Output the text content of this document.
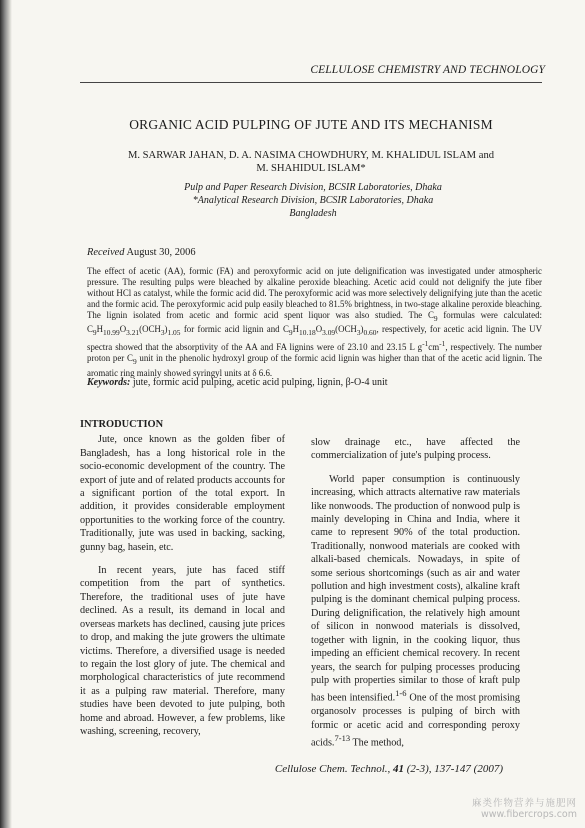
CELLULOSE CHEMISTRY AND TECHNOLOGY
ORGANIC ACID PULPING OF JUTE AND ITS MECHANISM
M. SARWAR JAHAN, D. A. NASIMA CHOWDHURY, M. KHALIDUL ISLAM and
M. SHAHIDUL ISLAM*
Pulp and Paper Research Division, BCSIR Laboratories, Dhaka
*Analytical Research Division, BCSIR Laboratories, Dhaka
Bangladesh
Received August 30, 2006
The effect of acetic (AA), formic (FA) and peroxyformic acid on jute delignification was investigated under atmospheric pressure. The resulting pulps were bleached by alkaline peroxide bleaching. Acetic acid could not delignify the jute fiber without HCl as catalyst, while the formic acid did. The peroxyformic acid was more selectively delignifying jute than the acetic and the formic acid. The peroxyformic acid pulp easily bleached to 81.5% brightness, in two-stage alkaline peroxide bleaching. The lignin isolated from acetic and formic acid spent liquor was also studied. The $C_9$ formulas were calculated: $C_9H_{10.99}O_{3.21}(OCH_3)_{1.05}$ for formic acid lignin and $C_9H_{10.18}O_{3.09}(OCH_3)_{0.60}$, respectively, for acetic acid lignin. The UV spectra showed that the absorptivity of the AA and FA lignins were of 23.10 and 23.15 L $g^{-1}cm^{-1}$, respectively. The number proton per $C_9$ unit in the phenolic hydroxyl group of the formic acid lignin was higher than that of the acetic acid lignin. The aromatic ring mainly showed syringyl units at δ 6.6.
Keywords: jute, formic acid pulping, acetic acid pulping, lignin, β-O-4 unit
INTRODUCTION

Jute, once known as the golden fiber of Bangladesh, has a long historical role in the socio-economic development of the country. The export of jute and of related products accounts for a significant portion of the total export. In addition, it provides considerable employment opportunities to the working force of the country. Traditionally, jute was used in backing, sacking, gunny bag, hasein, etc.

In recent years, jute has faced stiff competition from the part of synthetics. Therefore, the traditional uses of jute have declined. As a result, its demand in local and overseas markets has declined, causing jute prices to drop, and making the jute growers the ultimate victims. Therefore, a diversified usage is needed to regain the lost glory of jute. The chemical and morphological characteristics of jute recommend it as a pulping raw material. Therefore, many studies have been devoted to jute pulping, both home and abroad. However, a few problems, like washing, screening, recovery,

slow drainage etc., have affected the commercialization of jute's pulping process.

World paper consumption is continuously increasing, which attracts alternative raw materials like nonwoods. The production of nonwood pulp is mainly developing in China and India, where it came to represent 90% of the total production. Traditionally, nonwood materials are cooked with alkali-based chemicals. Nowadays, in spite of some serious shortcomings (such as air and water pollution and high investment costs), alkaline kraft pulping is the dominant chemical pulping process. During delignification, the relatively high amount of silicon in nonwood materials is dissolved, together with lignin, in the cooking liquor, thus impeding an efficient chemical recovery. In recent years, the search for pulping processes producing pulp with properties similar to those of kraft pulp has been intensified.$^{1-6}$ One of the most promising organosolv processes is pulping of birch with formic or acetic acid and corresponding peroxy acids.$^{7-13}$ The method,

Cellulose Chem. Technol., 41 (2-3), 137-147 (2007)
麻类作物营养与施肥网
www.fibercrops.com
